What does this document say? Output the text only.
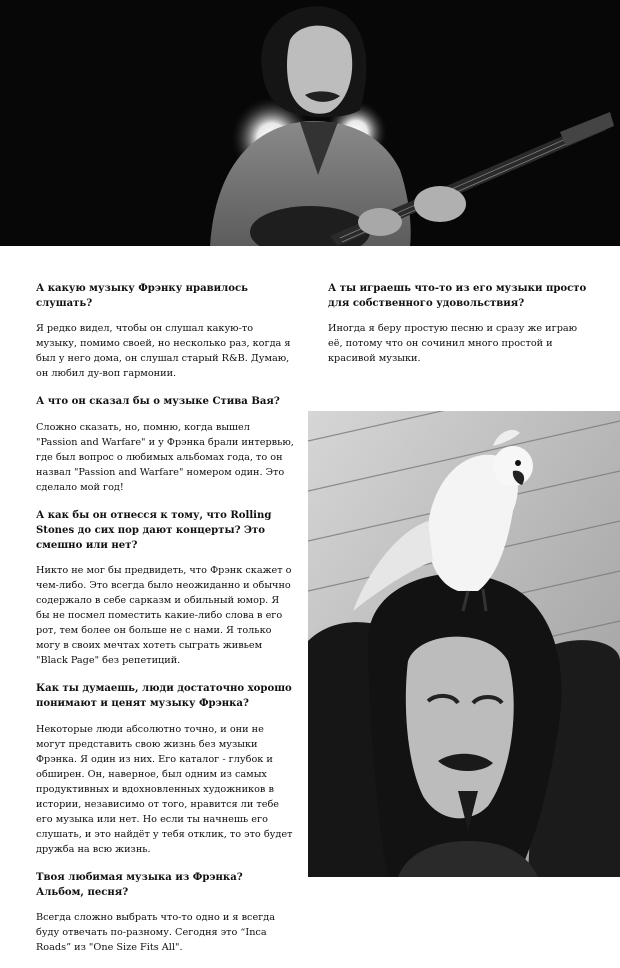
А какую музыку Фрэнку нравилось слушать?

Я редко видел, чтобы он слушал какую-то музыку, помимо своей, но несколько раз, когда я был у него дома, он слушал старый R&B. Думаю, он любил ду-воп гармонии.

А что он сказал бы о музыке Стива Вая?

Сложно сказать, но, помню, когда вышел "Passion and Warfare" и у Фрэнка брали интервью, где был вопрос о любимых альбомах года, то он назвал "Passion and Warfare" номером один. Это сделало мой год!

А как бы он отнесся к тому, что Rolling Stones до сих пор дают концерты? Это смешно или нет?

Никто не мог бы предвидеть, что Фрэнк скажет о чем-либо. Это всегда было неожиданно и обычно содержало в себе сарказм и обильный юмор. Я бы не посмел поместить какие-либо слова в его рот, тем более он больше не с нами. Я только могу в своих мечтах хотеть сыграть живьем "Black Page" без репетиций.

Как ты думаешь, люди достаточно хорошо понимают и ценят музыку Фрэнка?

Некоторые люди абсолютно точно, и они не могут представить свою жизнь без музыки Фрэнка. Я один из них. Его каталог - глубок и обширен. Он, наверное, был одним из самых продуктивных и вдохновленных художников в истории, независимо от того, нравится ли тебе его музыка или нет. Но если ты начнешь его слушать, и это найдёт у тебя отклик, то это будет дружба на всю жизнь.

Твоя любимая музыка из Фрэнка? Альбом, песня?

Всегда сложно выбрать что-то одно и я всегда буду отвечать по-разному. Сегодня это “Inca Roads” из "One Size Fits All".

А ты играешь что-то из его музыки просто для собственного удовольствия?

Иногда я беру простую песню и сразу же играю её, потому что он сочинил много простой и красивой музыки.
